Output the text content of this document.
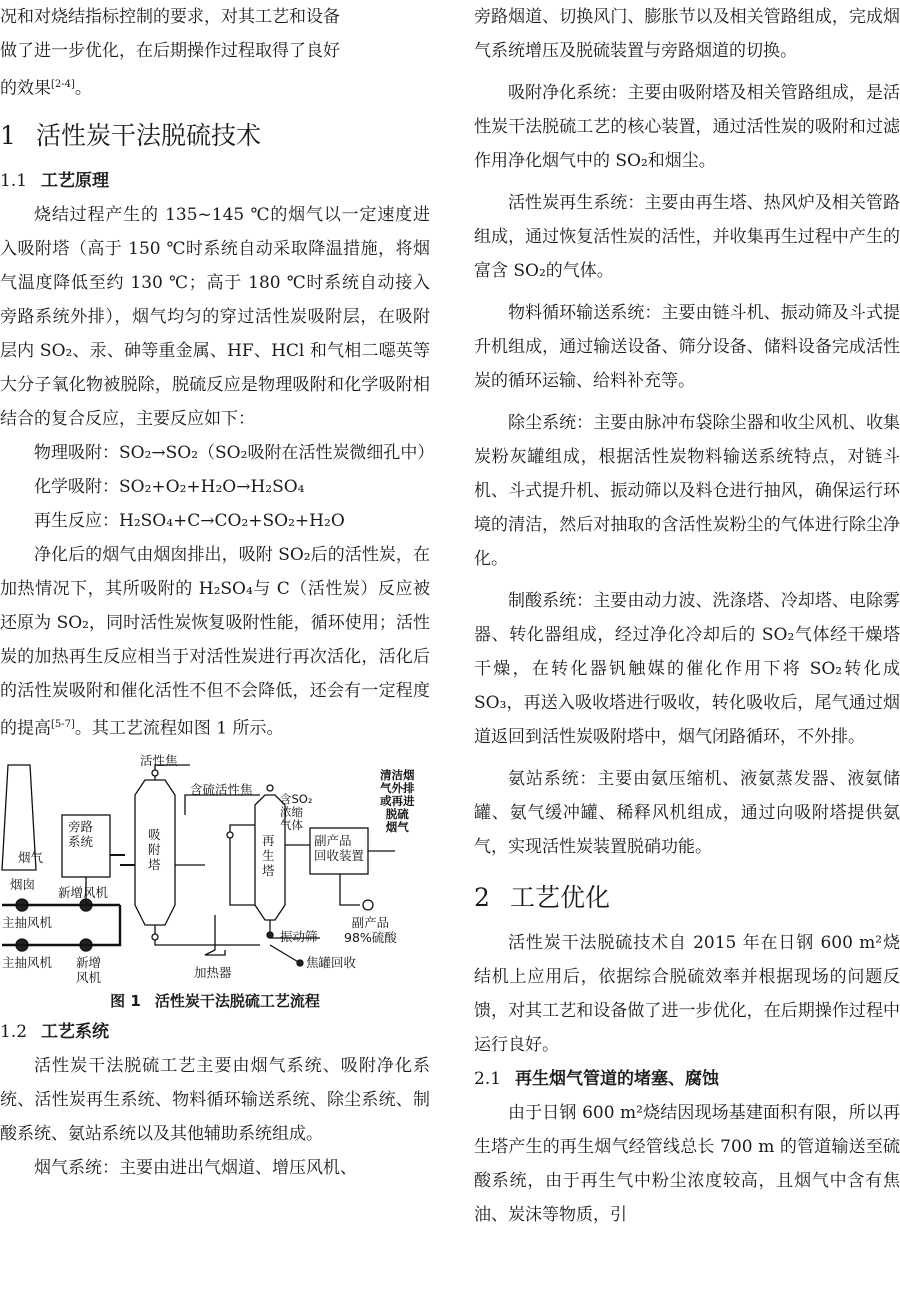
况和对烧结指标控制的要求，对其工艺和设备
做了进一步优化，在后期操作过程取得了良好
的效果[2-4]。

1 活性炭干法脱硫技术
1.1 工艺原理

烧结过程产生的 135~145 ℃的烟气以一定速度进入吸附塔（高于 150 ℃时系统自动采取降温措施，将烟气温度降低至约 130 ℃；高于 180 ℃时系统自动接入旁路系统外排），烟气均匀的穿过活性炭吸附层，在吸附层内 SO₂、汞、砷等重金属、HF、HCl 和气相二噁英等大分子氧化物被脱除，脱硫反应是物理吸附和化学吸附相结合的复合反应，主要反应如下：

物理吸附：SO₂→SO₂（SO₂吸附在活性炭微细孔中）

化学吸附：SO₂+O₂+H₂O→H₂SO₄

再生反应：H₂SO₄+C→CO₂+SO₂+H₂O

净化后的烟气由烟囱排出，吸附 SO₂后的活性炭，在加热情况下，其所吸附的 H₂SO₄与 C（活性炭）反应被还原为 SO₂，同时活性炭恢复吸附性能，循环使用；活性炭的加热再生反应相当于对活性炭进行再次活化，活化后的活性炭吸附和催化活性不但不会降低，还会有一定程度的提高[5-7]。其工艺流程如图 1 所示。

烟囱
烟气
旁路
系统
新增风机
主抽风机
主抽风机 新增
风机
活性焦
吸
附
塔
含硫活性焦
含SO₂
浓缩
气体
再
生
塔
副产品
回收装置
清洁烟
气外排
或再进
脱硫
烟气
副产品
98%硫酸
振动筛
焦罐回收
加热器

图 1 活性炭干法脱硫工艺流程

1.2 工艺系统

活性炭干法脱硫工艺主要由烟气系统、吸附净化系统、活性炭再生系统、物料循环输送系统、除尘系统、制酸系统、氨站系统以及其他辅助系统组成。

烟气系统：主要由进出气烟道、增压风机、

旁路烟道、切换风门、膨胀节以及相关管路组成，完成烟气系统增压及脱硫装置与旁路烟道的切换。

吸附净化系统：主要由吸附塔及相关管路组成，是活性炭干法脱硫工艺的核心装置，通过活性炭的吸附和过滤作用净化烟气中的 SO₂和烟尘。

活性炭再生系统：主要由再生塔、热风炉及相关管路组成，通过恢复活性炭的活性，并收集再生过程中产生的富含 SO₂的气体。

物料循环输送系统：主要由链斗机、振动筛及斗式提升机组成，通过输送设备、筛分设备、储料设备完成活性炭的循环运输、给料补充等。

除尘系统：主要由脉冲布袋除尘器和收尘风机、收集炭粉灰罐组成，根据活性炭物料输送系统特点，对链斗机、斗式提升机、振动筛以及料仓进行抽风，确保运行环境的清洁，然后对抽取的含活性炭粉尘的气体进行除尘净化。

制酸系统：主要由动力波、洗涤塔、冷却塔、电除雾器、转化器组成，经过净化冷却后的 SO₂气体经干燥塔干燥，在转化器钒触媒的催化作用下将 SO₂转化成 SO₃，再送入吸收塔进行吸收，转化吸收后，尾气通过烟道返回到活性炭吸附塔中，烟气闭路循环，不外排。

氨站系统：主要由氨压缩机、液氨蒸发器、液氨储罐、氨气缓冲罐、稀释风机组成，通过向吸附塔提供氨气，实现活性炭装置脱硝功能。

2 工艺优化

活性炭干法脱硫技术自 2015 年在日钢 600 m²烧结机上应用后，依据综合脱硫效率并根据现场的问题反馈，对其工艺和设备做了进一步优化，在后期操作过程中运行良好。

2.1 再生烟气管道的堵塞、腐蚀

由于日钢 600 m²烧结因现场基建面积有限，所以再生塔产生的再生烟气经管线总长 700 m 的管道输送至硫酸系统，由于再生气中粉尘浓度较高，且烟气中含有焦油、炭沫等物质，引
